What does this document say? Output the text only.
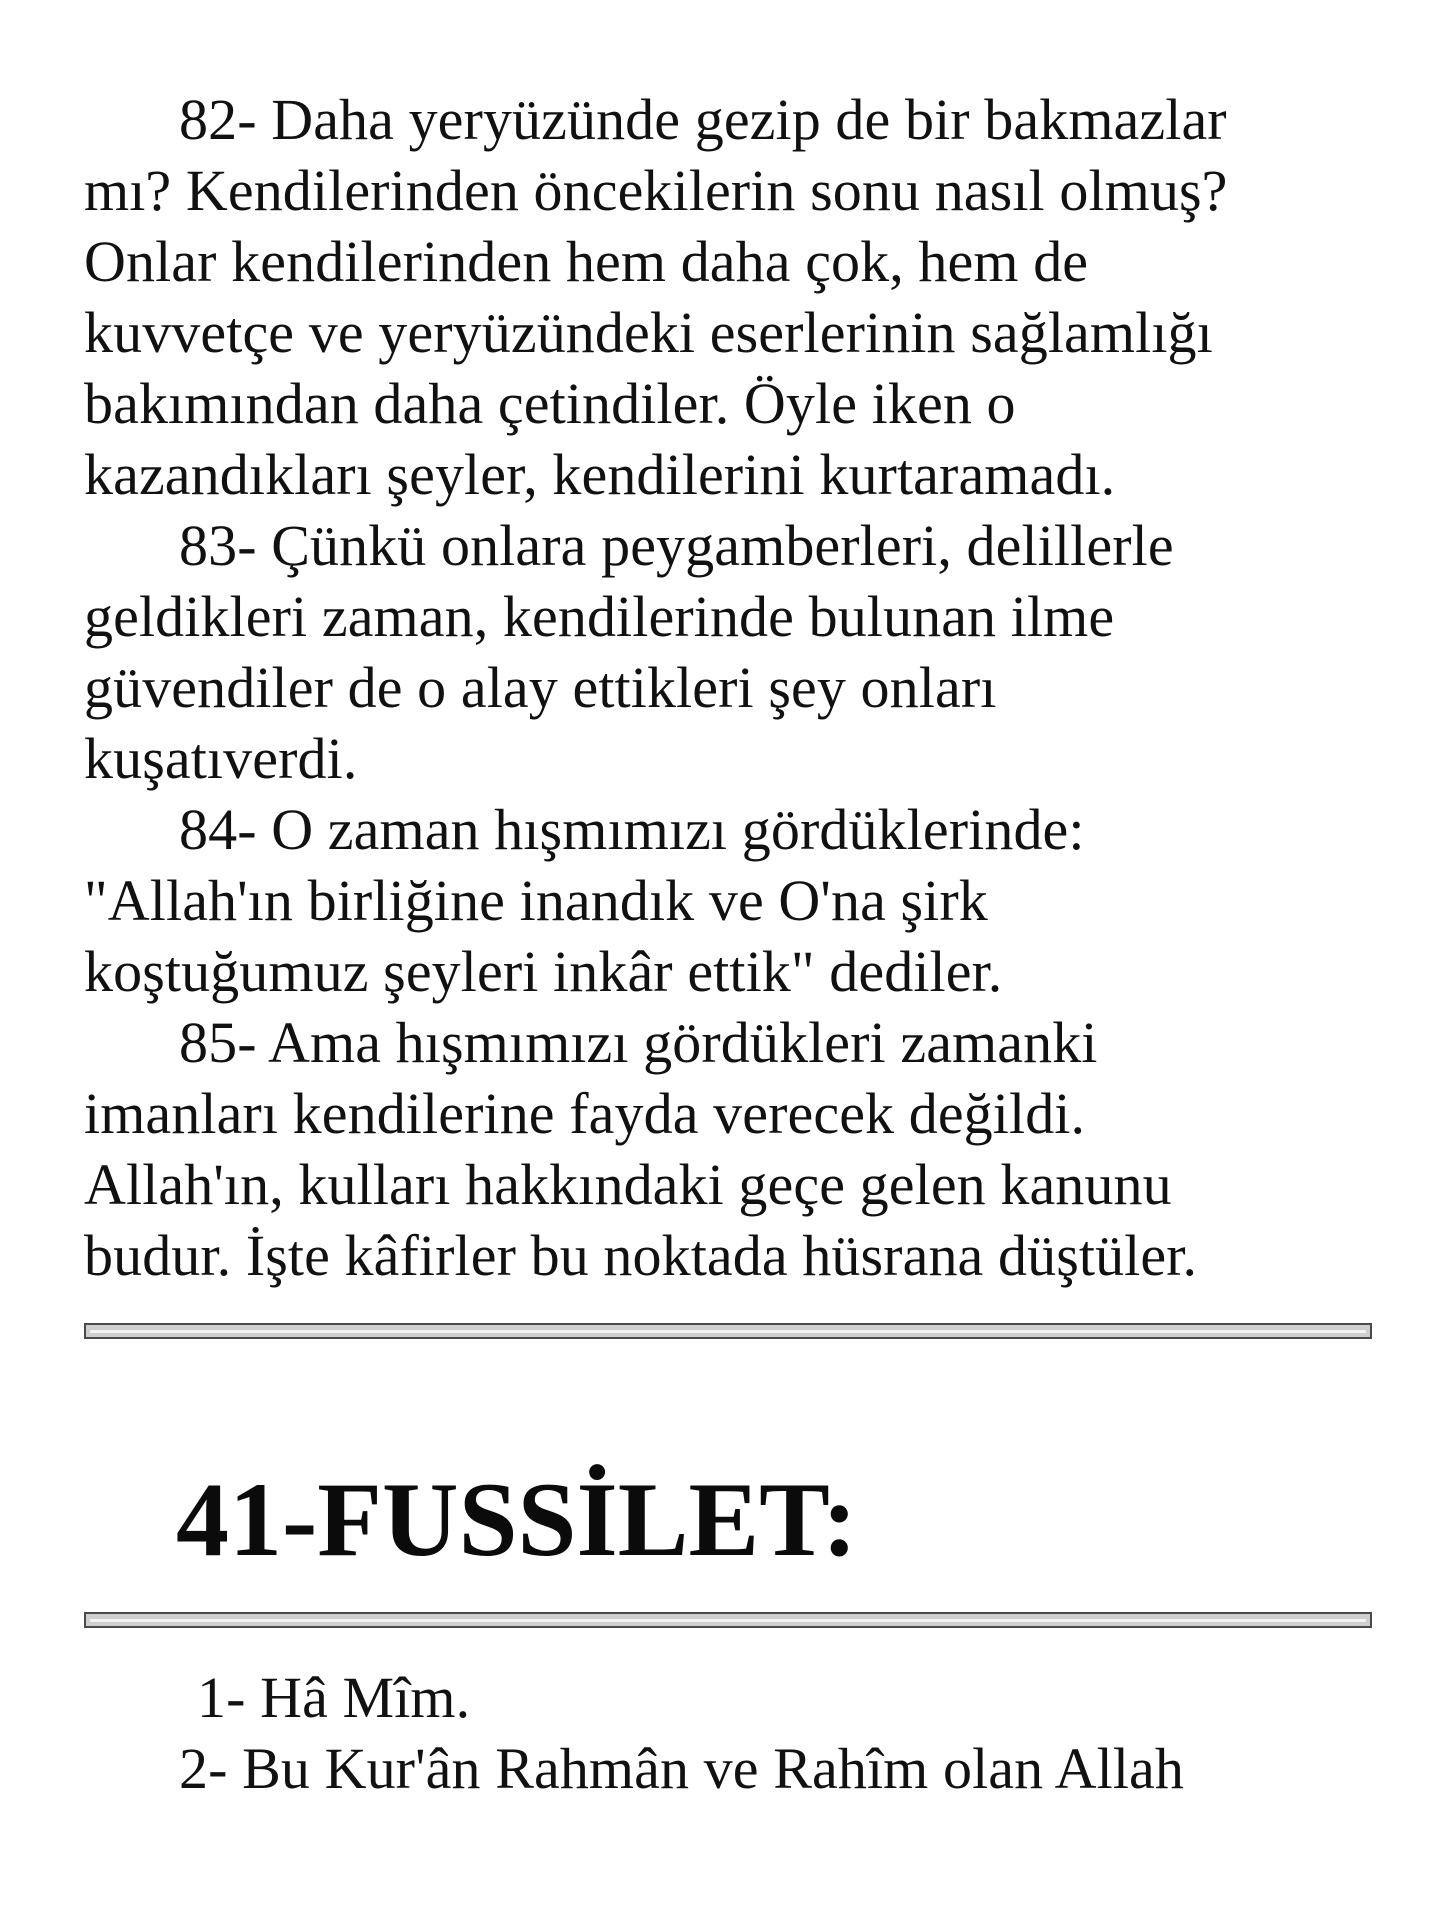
82- Daha yeryüzünde gezip de bir bakmazlar
mı? Kendilerinden öncekilerin sonu nasıl olmuş?
Onlar kendilerinden hem daha çok, hem de
kuvvetçe ve yeryüzündeki eserlerinin sağlamlığı
bakımından daha çetindiler. Öyle iken o
kazandıkları şeyler, kendilerini kurtaramadı.
83- Çünkü onlara peygamberleri, delillerle
geldikleri zaman, kendilerinde bulunan ilme
güvendiler de o alay ettikleri şey onları
kuşatıverdi.
84- O zaman hışmımızı gördüklerinde:
"Allah'ın birliğine inandık ve O'na şirk
koştuğumuz şeyleri inkâr ettik" dediler.
85- Ama hışmımızı gördükleri zamanki
imanları kendilerine fayda verecek değildi.
Allah'ın, kulları hakkındaki geçe gelen kanunu
budur. İşte kâfirler bu noktada hüsrana düştüler.
41-FUSSİLET:
1- Hâ Mîm.
2- Bu Kur'ân Rahmân ve Rahîm olan Allah
